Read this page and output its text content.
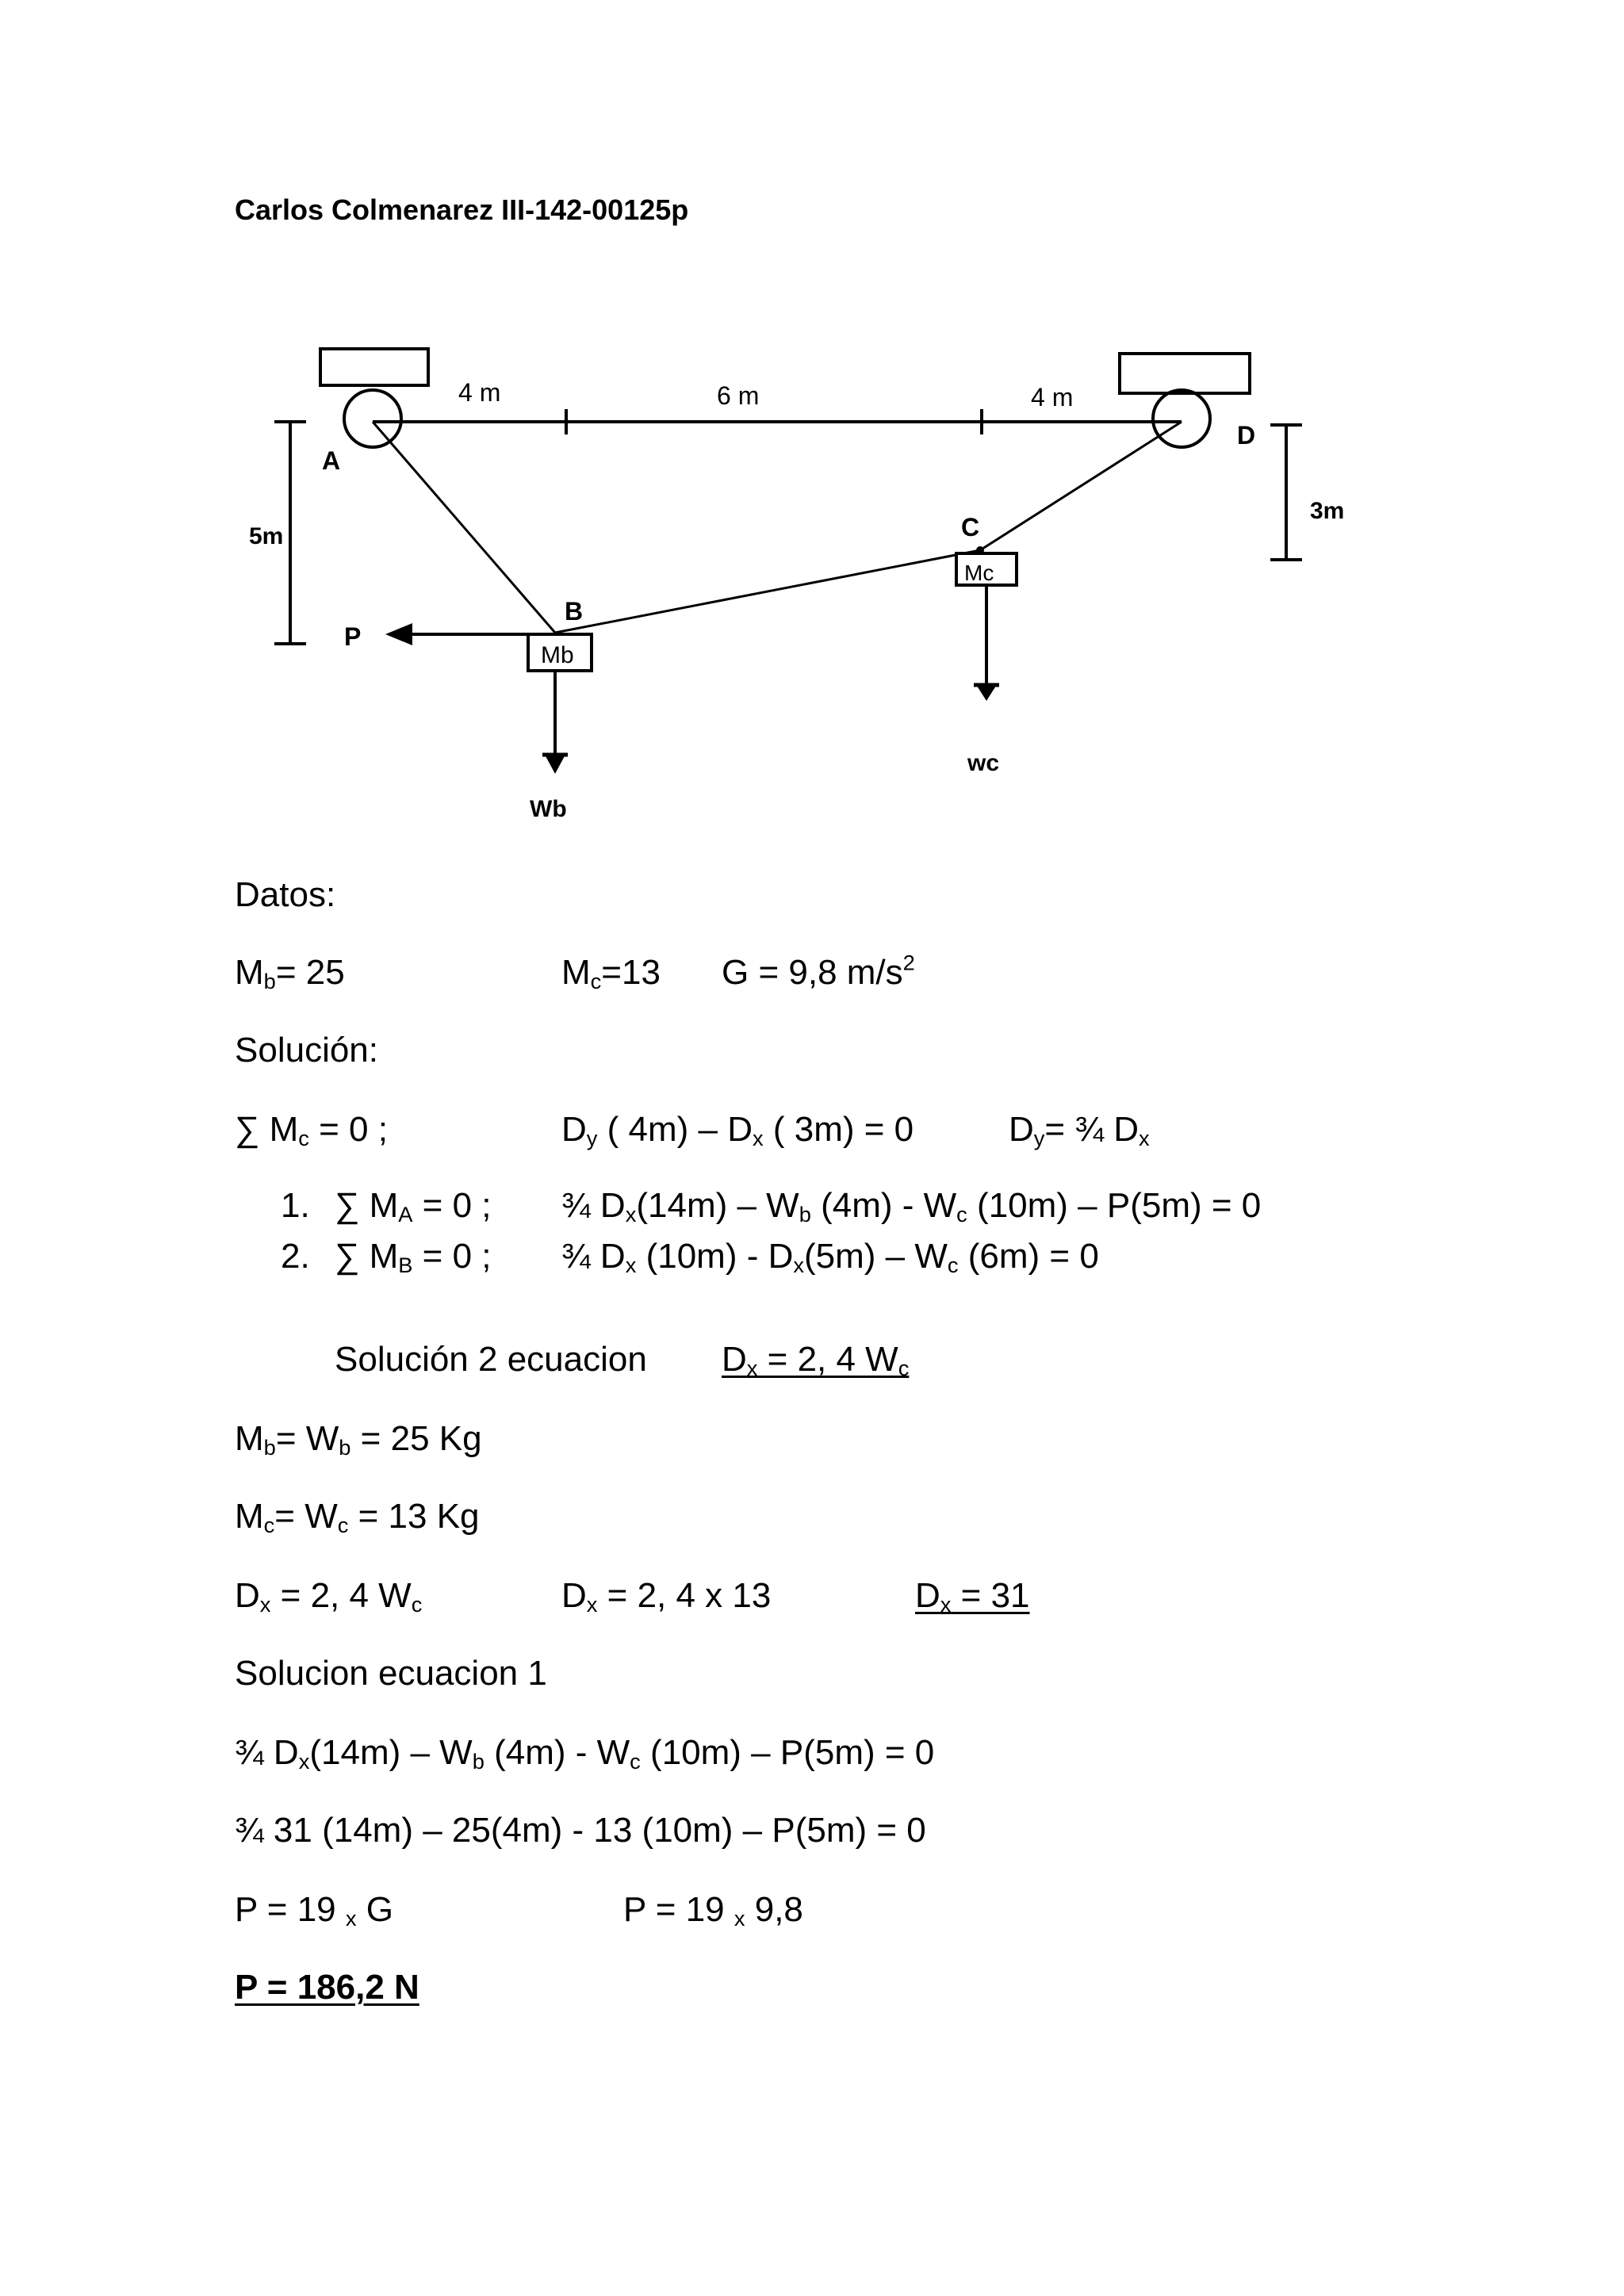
Carlos Colmenarez III-142-00125p
4 m	6 m	4 m
5m
3m
A
B
C
D
Mb
Mc
P
Wb
wc
Datos:
$M_b= 25$	$M_c=13$ G = 9,8 $m/s^2$
Solución:
∑ $M_c = 0$ ;	$D_y$ ( $4m) - D_x$ ( 3m) = 0	$D_y=$ ¾ $D_x$
1. ∑ $M_A = 0$ ; ¾ $D_x(14m) - W_b$ $(4m) - W_c$ (10m) – P(5m) = 0
2. ∑ $M_B = 0$ ; ¾ $D_x$ $(10m) - D_x(5m) - W_c$ (6m) = 0
Solución 2 ecuacion $D_x = 2$, 4 $W_c$
$M_b= W_b = 25$ Kg
$M_c= W_c = 13$ Kg
$D_x = 2$, 4 $W_c$	$D_x = 2$, 4 x 13	$D_x = 31$
Solucion ecuacion 1
¾ $D_x(14m) - W_b$ $(4m) - W_c$ (10m) – P(5m) = 0
¾ 31 (14m) – 25(4m) - 13 (10m) – P(5m) = 0
P = 19 $_x$ G	P = 19 $_x$ 9,8
P = 186,2 N
